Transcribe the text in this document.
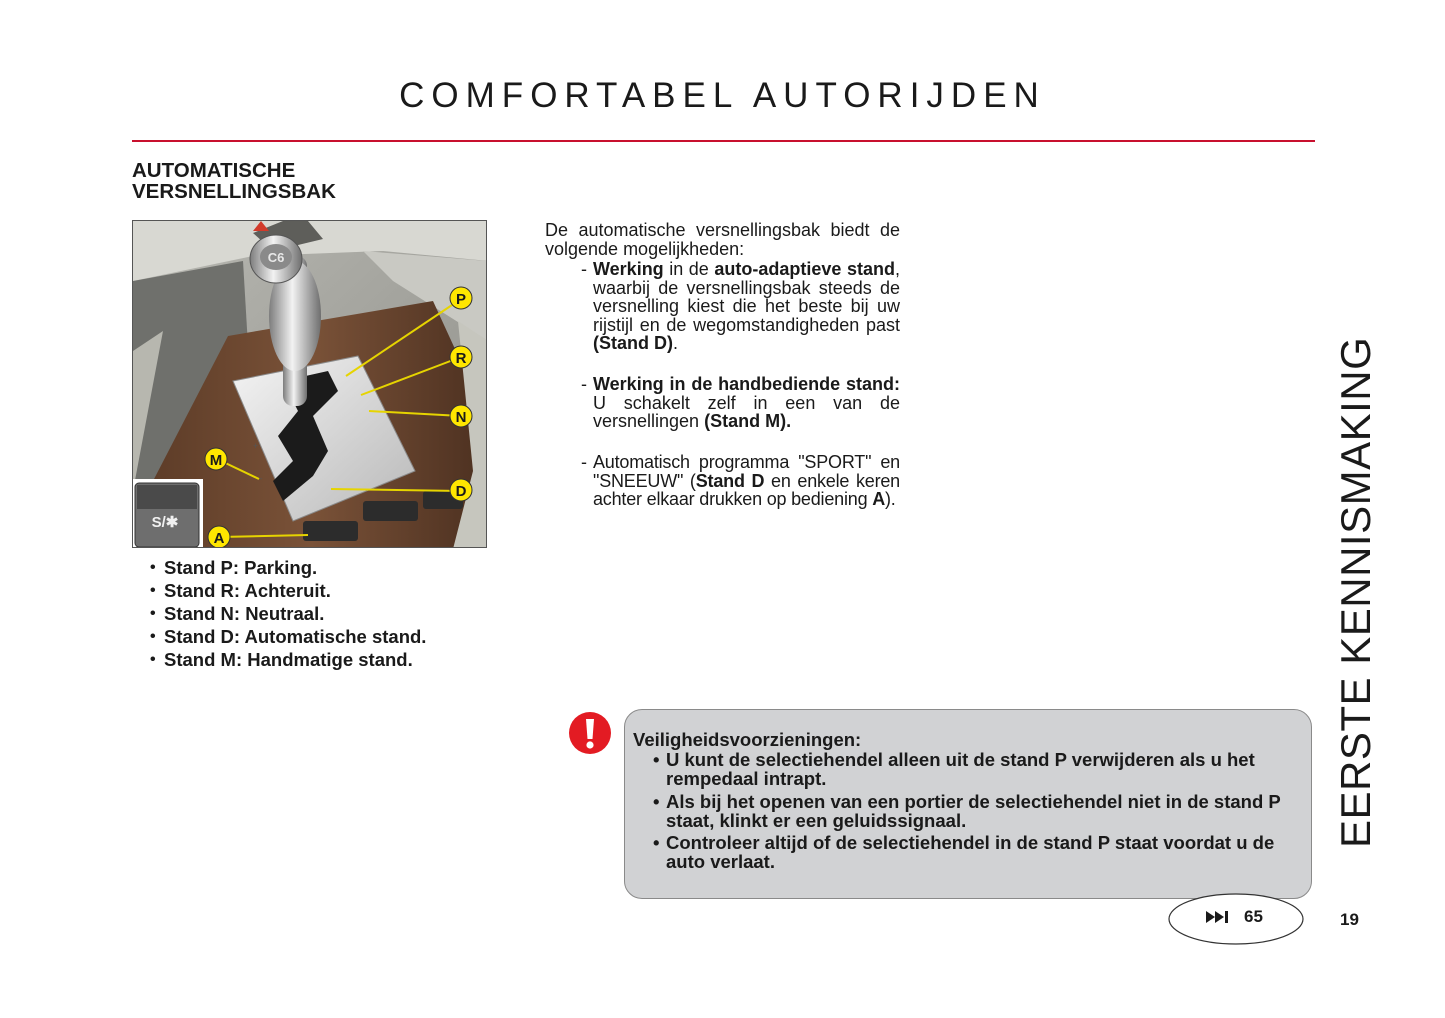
COMFORTABEL AUTORIJDEN
EERSTE KENNISMAKING
AUTOMATISCHE
VERSNELLINGSBAK
C6
+
–
S/✱
P
R
N
D
M
A
• Stand P: Parking.
• Stand R: Achteruit.
• Stand N: Neutraal.
• Stand D: Automatische stand.
• Stand M: Handmatige stand.
De automatische versnellingsbak biedt de volgende mogelijkheden:
- Werking in de auto-adaptieve stand, waarbij de versnellingsbak steeds de versnelling kiest die het beste bij uw rijstijl en de wegomstandigheden past (Stand D).
- Werking in de handbediende stand: U schakelt zelf in een van de versnellingen (Stand M).
- Automatisch programma "SPORT" en "SNEEUW" (Stand D en enkele keren achter elkaar drukken op bediening A).
Veiligheidsvoorzieningen:
• U kunt de selectiehendel alleen uit de stand P verwijderen als u het rempedaal intrapt.
• Als bij het openen van een portier de selectiehendel niet in de stand P staat, klinkt er een geluidssignaal.
• Controleer altijd of de selectiehendel in de stand P staat voordat u de auto verlaat.
65	19
